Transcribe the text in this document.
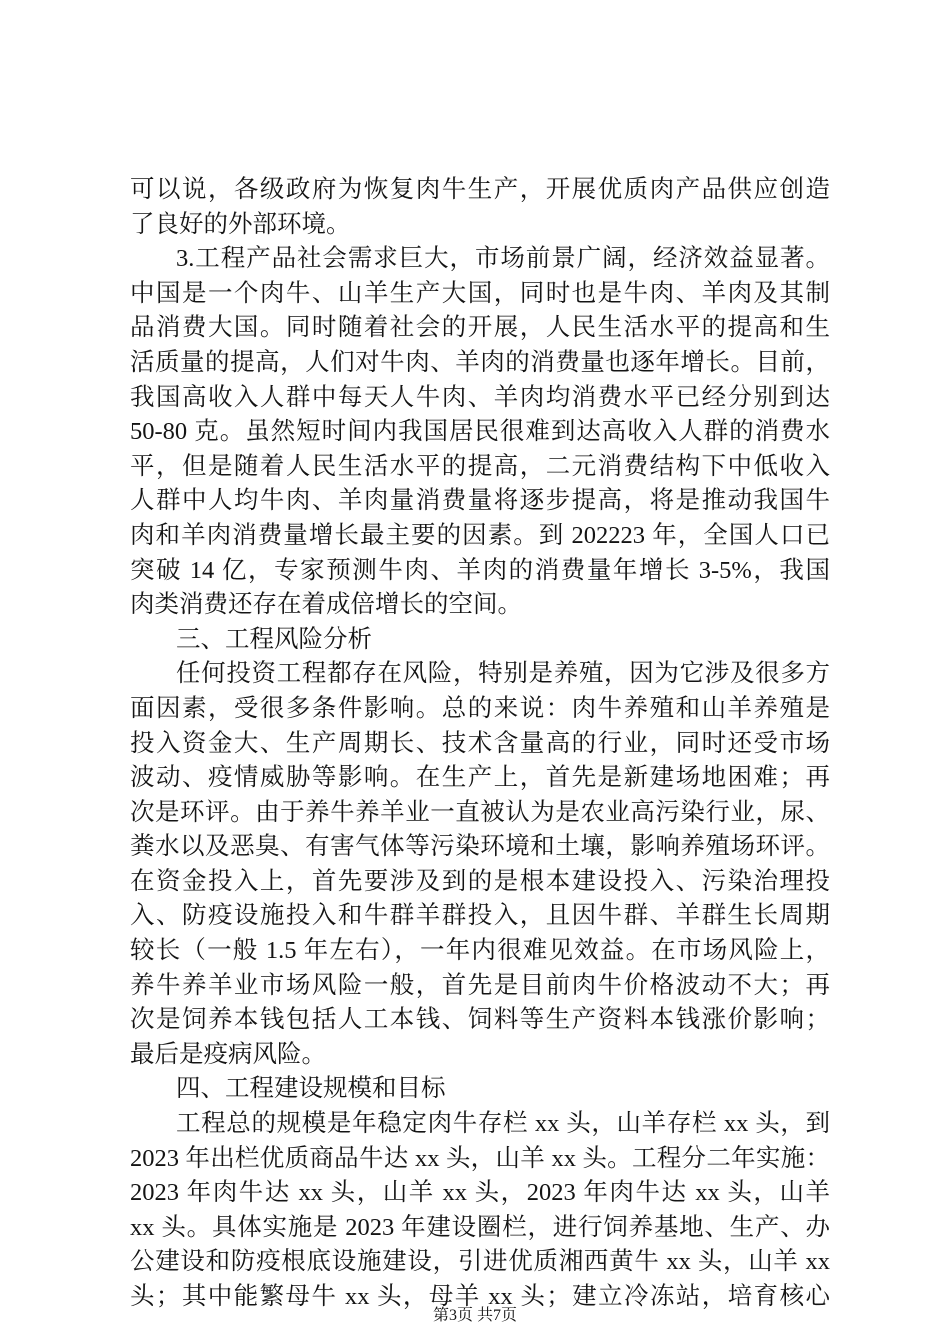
可以说，各级政府为恢复肉牛生产，开展优质肉产品供应创造
了良好的外部环境。
3.工程产品社会需求巨大，市场前景广阔，经济效益显著。
中国是一个肉牛、山羊生产大国，同时也是牛肉、羊肉及其制
品消费大国。同时随着社会的开展，人民生活水平的提高和生
活质量的提高，人们对牛肉、羊肉的消费量也逐年增长。目前，
我国高收入人群中每天人牛肉、羊肉均消费水平已经分别到达
50-80 克。虽然短时间内我国居民很难到达高收入人群的消费水
平，但是随着人民生活水平的提高，二元消费结构下中低收入
人群中人均牛肉、羊肉量消费量将逐步提高，将是推动我国牛
肉和羊肉消费量增长最主要的因素。到 202223 年，全国人口已
突破 14 亿，专家预测牛肉、羊肉的消费量年增长 3-5%，我国
肉类消费还存在着成倍增长的空间。
三、工程风险分析
任何投资工程都存在风险，特别是养殖，因为它涉及很多方
面因素，受很多条件影响。总的来说：肉牛养殖和山羊养殖是
投入资金大、生产周期长、技术含量高的行业，同时还受市场
波动、疫情威胁等影响。在生产上，首先是新建场地困难；再
次是环评。由于养牛养羊业一直被认为是农业高污染行业，尿、
粪水以及恶臭、有害气体等污染环境和土壤，影响养殖场环评。
在资金投入上，首先要涉及到的是根本建设投入、污染治理投
入、防疫设施投入和牛群羊群投入，且因牛群、羊群生长周期
较长（一般 1.5 年左右），一年内很难见效益。在市场风险上，
养牛养羊业市场风险一般，首先是目前肉牛价格波动不大；再
次是饲养本钱包括人工本钱、饲料等生产资料本钱涨价影响；
最后是疫病风险。
四、工程建设规模和目标
工程总的规模是年稳定肉牛存栏 xx 头，山羊存栏 xx 头，到
2023 年出栏优质商品牛达 xx 头，山羊 xx 头。工程分二年实施：
2023 年肉牛达 xx 头，山羊 xx 头，2023 年肉牛达 xx 头，山羊
xx 头。具体实施是 2023 年建设圈栏，进行饲养基地、生产、办
公建设和防疫根底设施建设，引进优质湘西黄牛 xx 头，山羊 xx
头；其中能繁母牛 xx 头，母羊 xx 头；建立冷冻站，培育核心
第3页 共7页
